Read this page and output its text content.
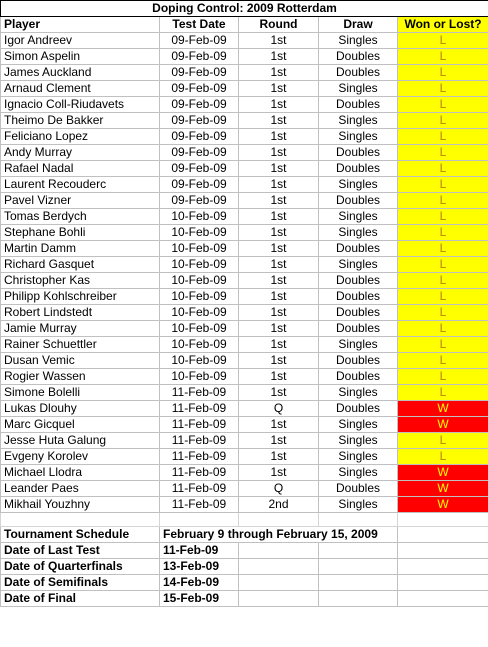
Doping Control: 2009 Rotterdam				
Player	Test Date	Round	Draw	Won or Lost?
Igor Andreev	09-Feb-09	1st	Singles	L
Simon Aspelin	09-Feb-09	1st	Doubles	L
James Auckland	09-Feb-09	1st	Doubles	L
Arnaud Clement	09-Feb-09	1st	Singles	L
Ignacio Coll-Riudavets	09-Feb-09	1st	Doubles	L
Theimo De Bakker	09-Feb-09	1st	Singles	L
Feliciano Lopez	09-Feb-09	1st	Singles	L
Andy Murray	09-Feb-09	1st	Doubles	L
Rafael Nadal	09-Feb-09	1st	Doubles	L
Laurent Recouderc	09-Feb-09	1st	Singles	L
Pavel Vizner	09-Feb-09	1st	Doubles	L
Tomas Berdych	10-Feb-09	1st	Singles	L
Stephane Bohli	10-Feb-09	1st	Singles	L
Martin Damm	10-Feb-09	1st	Doubles	L
Richard Gasquet	10-Feb-09	1st	Singles	L
Christopher Kas	10-Feb-09	1st	Doubles	L
Philipp Kohlschreiber	10-Feb-09	1st	Doubles	L
Robert Lindstedt	10-Feb-09	1st	Doubles	L
Jamie Murray	10-Feb-09	1st	Doubles	L
Rainer Schuettler	10-Feb-09	1st	Singles	L
Dusan Vemic	10-Feb-09	1st	Doubles	L
Rogier Wassen	10-Feb-09	1st	Doubles	L
Simone Bolelli	11-Feb-09	1st	Singles	L
Lukas Dlouhy	11-Feb-09	Q	Doubles	W
Marc Gicquel	11-Feb-09	1st	Singles	W
Jesse Huta Galung	11-Feb-09	1st	Singles	L
Evgeny Korolev	11-Feb-09	1st	Singles	L
Michael Llodra	11-Feb-09	1st	Singles	W
Leander Paes	11-Feb-09	Q	Doubles	W
Mikhail Youzhny	11-Feb-09	2nd	Singles	W

Tournament Schedule	February 9 through February 15, 2009			
Date of Last Test	11-Feb-09			
Date of Quarterfinals	13-Feb-09			
Date of Semifinals	14-Feb-09			
Date of Final	15-Feb-09			
